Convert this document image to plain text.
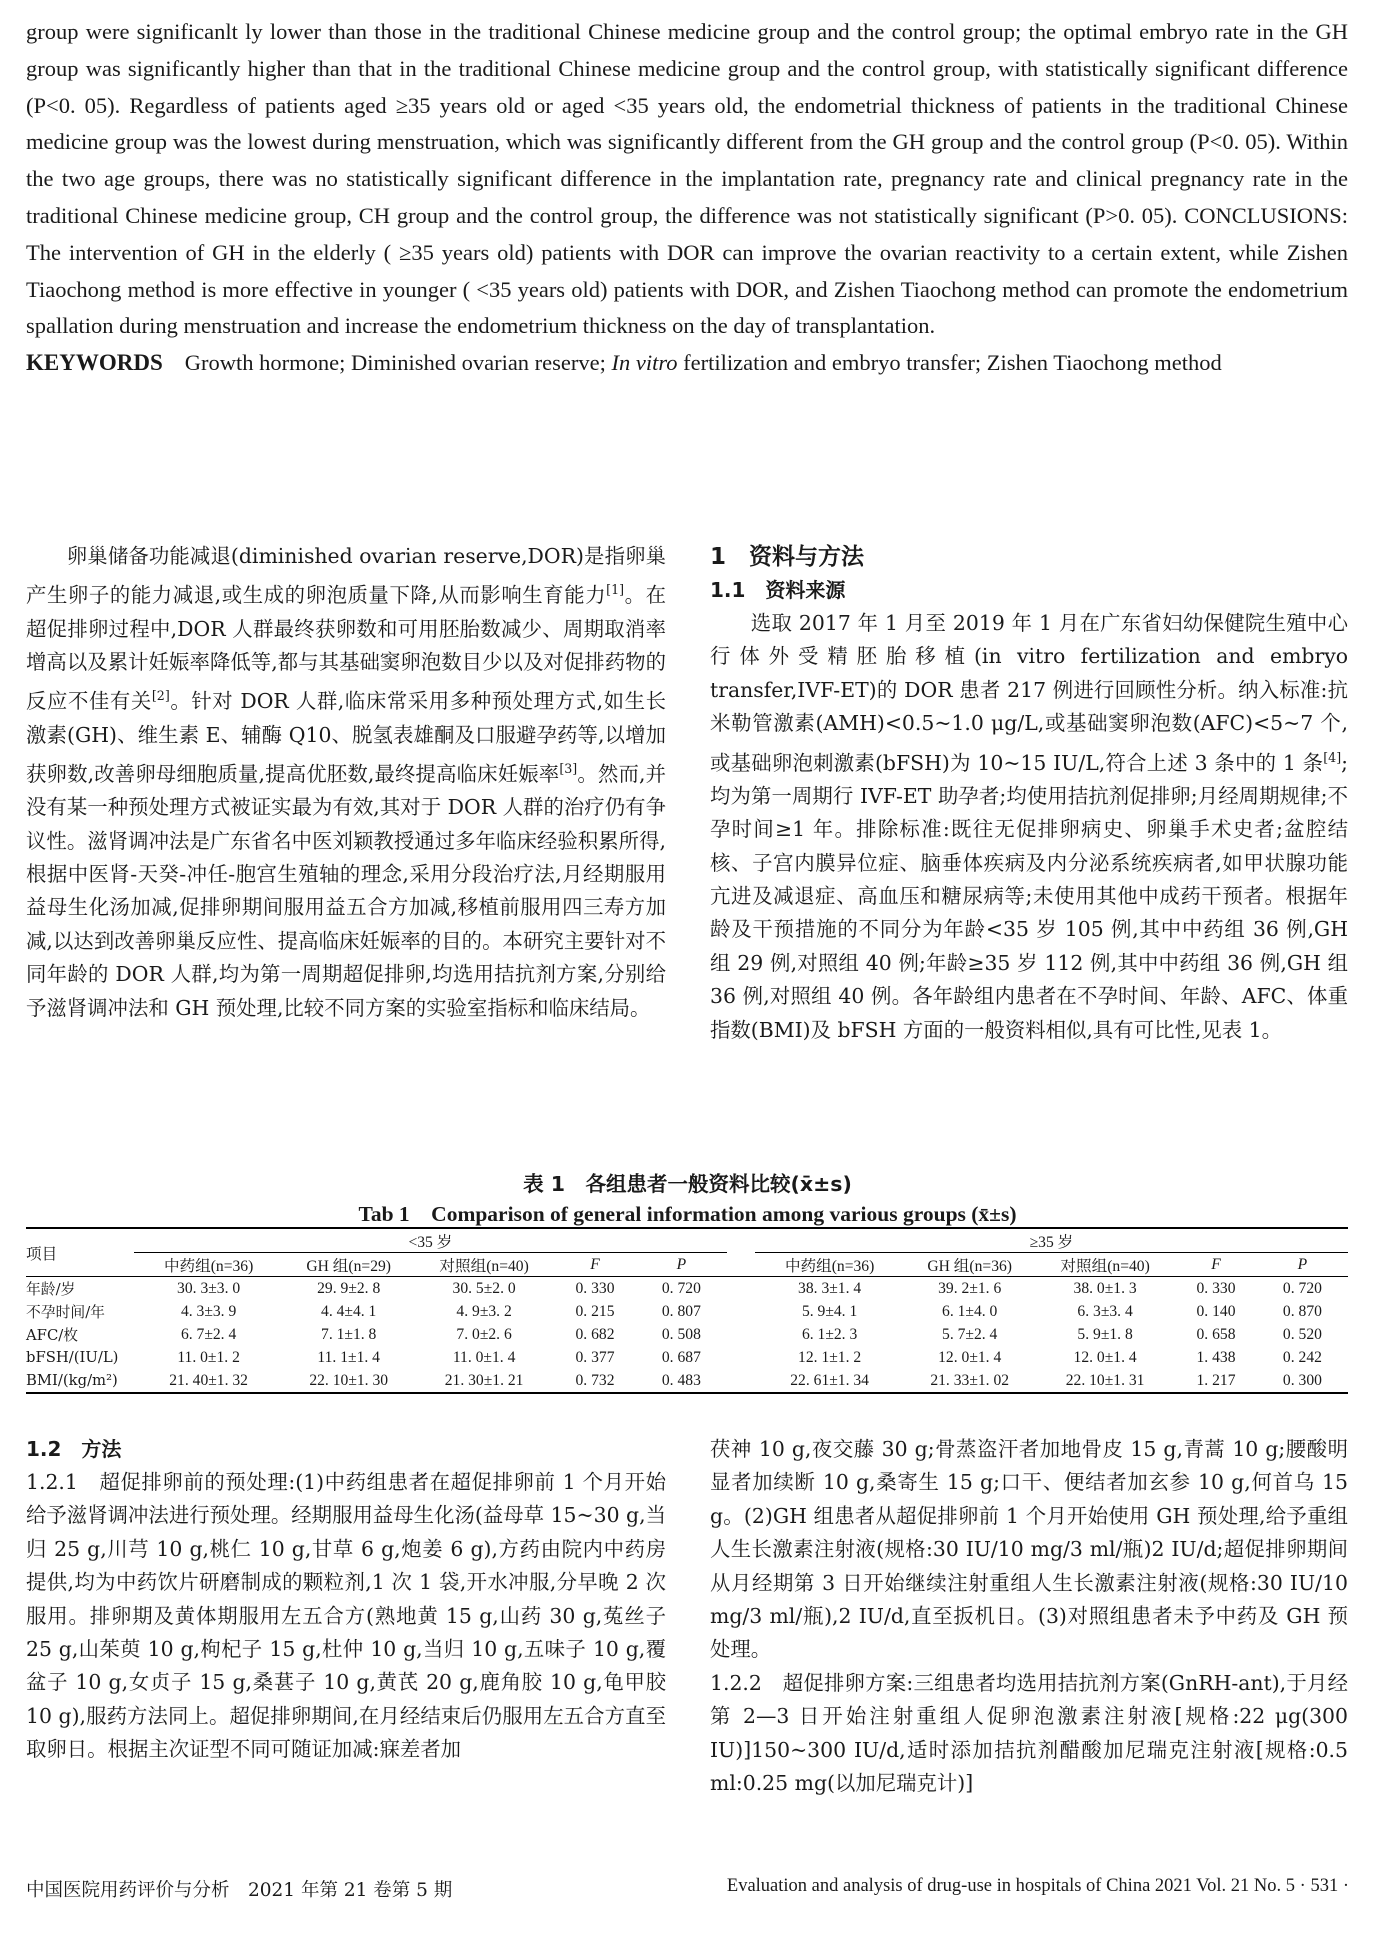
group were significanlt ly lower than those in the traditional Chinese medicine group and the control group; the optimal embryo rate in the GH group was significantly higher than that in the traditional Chinese medicine group and the control group, with statistically significant difference (P<0. 05). Regardless of patients aged ≥35 years old or aged <35 years old, the endometrial thickness of patients in the traditional Chinese medicine group was the lowest during menstruation, which was significantly different from the GH group and the control group (P<0. 05). Within the two age groups, there was no statistically significant difference in the implantation rate, pregnancy rate and clinical pregnancy rate in the traditional Chinese medicine group, CH group and the control group, the difference was not statistically significant (P>0. 05). CONCLUSIONS: The intervention of GH in the elderly ( ≥35 years old) patients with DOR can improve the ovarian reactivity to a certain extent, while Zishen Tiaochong method is more effective in younger ( <35 years old) patients with DOR, and Zishen Tiaochong method can promote the endometrium spallation during menstruation and increase the endometrium thickness on the day of transplantation.

KEYWORDS Growth hormone; Diminished ovarian reserve; In vitro fertilization and embryo transfer; Zishen Tiaochong method

卵巢储备功能减退(diminished ovarian reserve,DOR)是指卵巢产生卵子的能力减退,或生成的卵泡质量下降,从而影响生育能力[1]。在超促排卵过程中,DOR 人群最终获卵数和可用胚胎数减少、周期取消率增高以及累计妊娠率降低等,都与其基础窦卵泡数目少以及对促排药物的反应不佳有关[2]。针对 DOR 人群,临床常采用多种预处理方式,如生长激素(GH)、维生素 E、辅酶 Q10、脱氢表雄酮及口服避孕药等,以增加获卵数,改善卵母细胞质量,提高优胚数,最终提高临床妊娠率[3]。然而,并没有某一种预处理方式被证实最为有效,其对于 DOR 人群的治疗仍有争议性。滋肾调冲法是广东省名中医刘颖教授通过多年临床经验积累所得,根据中医肾-天癸-冲任-胞宫生殖轴的理念,采用分段治疗法,月经期服用益母生化汤加减,促排卵期间服用益五合方加减,移植前服用四三寿方加减,以达到改善卵巢反应性、提高临床妊娠率的目的。本研究主要针对不同年龄的 DOR 人群,均为第一周期超促排卵,均选用拮抗剂方案,分别给予滋肾调冲法和 GH 预处理,比较不同方案的实验室指标和临床结局。

1　资料与方法
1.1　资料来源

选取 2017 年 1 月至 2019 年 1 月在广东省妇幼保健院生殖中心行体外受精胚胎移植(in vitro fertilization and embryo transfer,IVF-ET)的 DOR 患者 217 例进行回顾性分析。纳入标准:抗米勒管激素(AMH)<0.5~1.0 μg/L,或基础窦卵泡数(AFC)<5~7 个,或基础卵泡刺激素(bFSH)为 10~15 IU/L,符合上述 3 条中的 1 条[4];均为第一周期行 IVF-ET 助孕者;均使用拮抗剂促排卵;月经周期规律;不孕时间≥1 年。排除标准:既往无促排卵病史、卵巢手术史者;盆腔结核、子宫内膜异位症、脑垂体疾病及内分泌系统疾病者,如甲状腺功能亢进及减退症、高血压和糖尿病等;未使用其他中成药干预者。根据年龄及干预措施的不同分为年龄<35 岁 105 例,其中中药组 36 例,GH 组 29 例,对照组 40 例;年龄≥35 岁 112 例,其中中药组 36 例,GH 组 36 例,对照组 40 例。各年龄组内患者在不孕时间、年龄、AFC、体重指数(BMI)及 bFSH 方面的一般资料相似,具有可比性,见表 1。

表 1　各组患者一般资料比较(x̄±s)
Tab 1　Comparison of general information among various groups (x̄±s)
项目	<35 岁						≥35 岁				
	中药组(n=36)	GH 组(n=29)	对照组(n=40)	F	P		中药组(n=36)	GH 组(n=36)	对照组(n=40)	F	P
年龄/岁	30. 3±3. 0	29. 9±2. 8	30. 5±2. 0	0. 330	0. 720		38. 3±1. 4	39. 2±1. 6	38. 0±1. 3	0. 330	0. 720
不孕时间/年	4. 3±3. 9	4. 4±4. 1	4. 9±3. 2	0. 215	0. 807		5. 9±4. 1	6. 1±4. 0	6. 3±3. 4	0. 140	0. 870
AFC/枚	6. 7±2. 4	7. 1±1. 8	7. 0±2. 6	0. 682	0. 508		6. 1±2. 3	5. 7±2. 4	5. 9±1. 8	0. 658	0. 520
bFSH/(IU/L)	11. 0±1. 2	11. 1±1. 4	11. 0±1. 4	0. 377	0. 687		12. 1±1. 2	12. 0±1. 4	12. 0±1. 4	1. 438	0. 242
BMI/(kg/m²)	21. 40±1. 32	22. 10±1. 30	21. 30±1. 21	0. 732	0. 483		22. 61±1. 34	21. 33±1. 02	22. 10±1. 31	1. 217	0. 300
1.2　方法

1.2.1　超促排卵前的预处理:(1)中药组患者在超促排卵前 1 个月开始给予滋肾调冲法进行预处理。经期服用益母生化汤(益母草 15~30 g,当归 25 g,川芎 10 g,桃仁 10 g,甘草 6 g,炮姜 6 g),方药由院内中药房提供,均为中药饮片研磨制成的颗粒剂,1 次 1 袋,开水冲服,分早晚 2 次服用。排卵期及黄体期服用左五合方(熟地黄 15 g,山药 30 g,菟丝子 25 g,山茱萸 10 g,枸杞子 15 g,杜仲 10 g,当归 10 g,五味子 10 g,覆盆子 10 g,女贞子 15 g,桑葚子 10 g,黄芪 20 g,鹿角胶 10 g,龟甲胶 10 g),服药方法同上。超促排卵期间,在月经结束后仍服用左五合方直至取卵日。根据主次证型不同可随证加减:寐差者加

茯神 10 g,夜交藤 30 g;骨蒸盗汗者加地骨皮 15 g,青蒿 10 g;腰酸明显者加续断 10 g,桑寄生 15 g;口干、便结者加玄参 10 g,何首乌 15 g。(2)GH 组患者从超促排卵前 1 个月开始使用 GH 预处理,给予重组人生长激素注射液(规格:30 IU/10 mg/3 ml/瓶)2 IU/d;超促排卵期间从月经期第 3 日开始继续注射重组人生长激素注射液(规格:30 IU/10 mg/3 ml/瓶),2 IU/d,直至扳机日。(3)对照组患者未予中药及 GH 预处理。

1.2.2　超促排卵方案:三组患者均选用拮抗剂方案(GnRH-ant),于月经第 2—3 日开始注射重组人促卵泡激素注射液[规格:22 μg(300 IU)]150~300 IU/d,适时添加拮抗剂醋酸加尼瑞克注射液[规格:0.5 ml:0.25 mg(以加尼瑞克计)]

中国医院用药评价与分析　2021 年第 21 卷第 5 期	Evaluation and analysis of drug-use in hospitals of China 2021 Vol. 21 No. 5 · 531 ·
